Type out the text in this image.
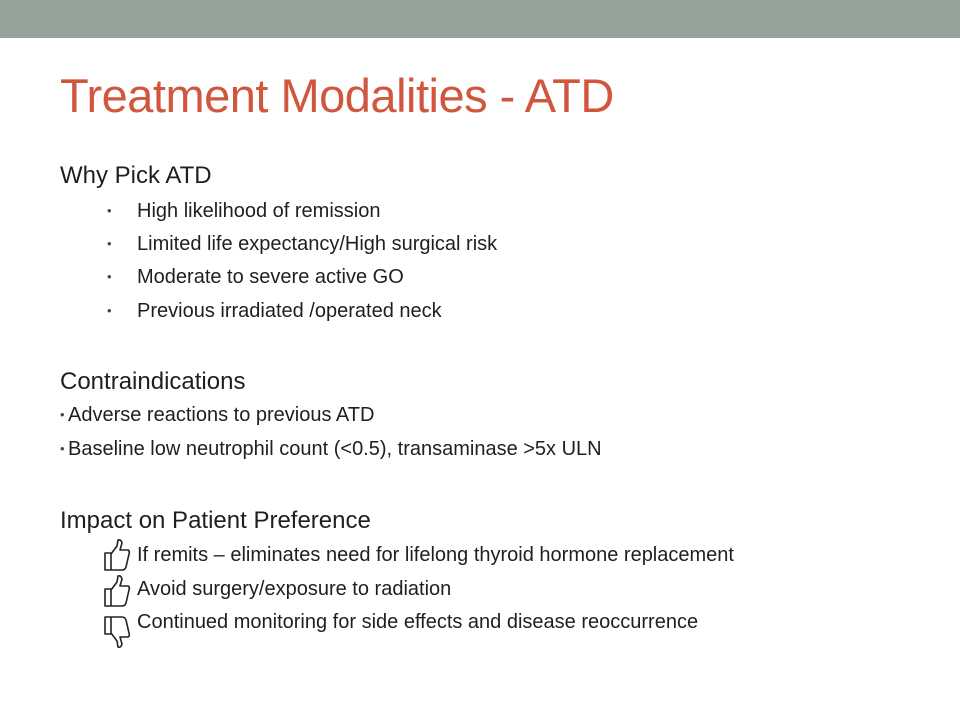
Treatment Modalities - ATD
Why Pick ATD
• High likelihood of remission
• Limited life expectancy/High surgical risk
• Moderate to severe active GO
• Previous irradiated /operated neck
Contraindications
• Adverse reactions to previous ATD
• Baseline low neutrophil count (<0.5), transaminase >5x ULN
Impact on Patient Preference
If remits – eliminates need for lifelong thyroid hormone replacement
Avoid surgery/exposure to radiation
Continued monitoring for side effects and disease reoccurrence
